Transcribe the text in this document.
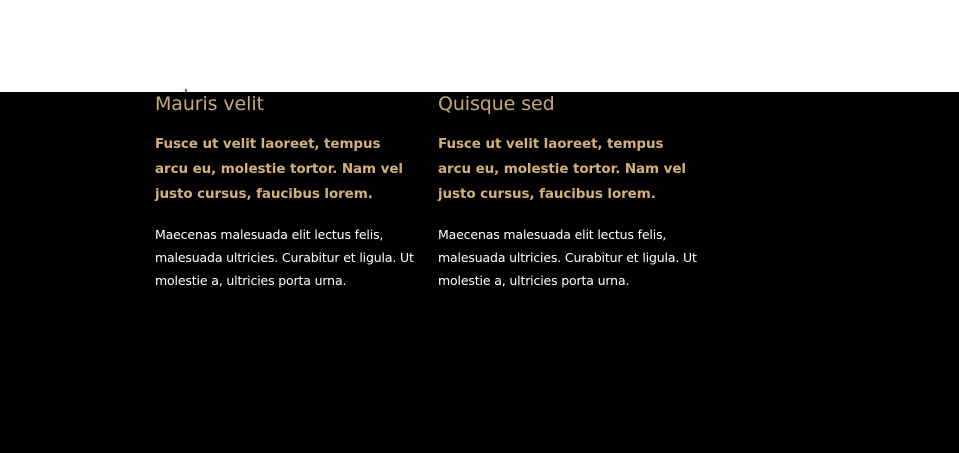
Mauris velit

Fusce ut velit laoreet, tempus arcu eu, molestie tortor. Nam vel justo cursus, faucibus lorem.

Maecenas malesuada elit lectus felis, malesuada ultricies. Curabitur et ligula. Ut molestie a, ultricies porta urna.

Quisque sed

Fusce ut velit laoreet, tempus arcu eu, molestie tortor. Nam vel justo cursus, faucibus lorem.

Maecenas malesuada elit lectus felis, malesuada ultricies. Curabitur et ligula. Ut molestie a, ultricies porta urna.
